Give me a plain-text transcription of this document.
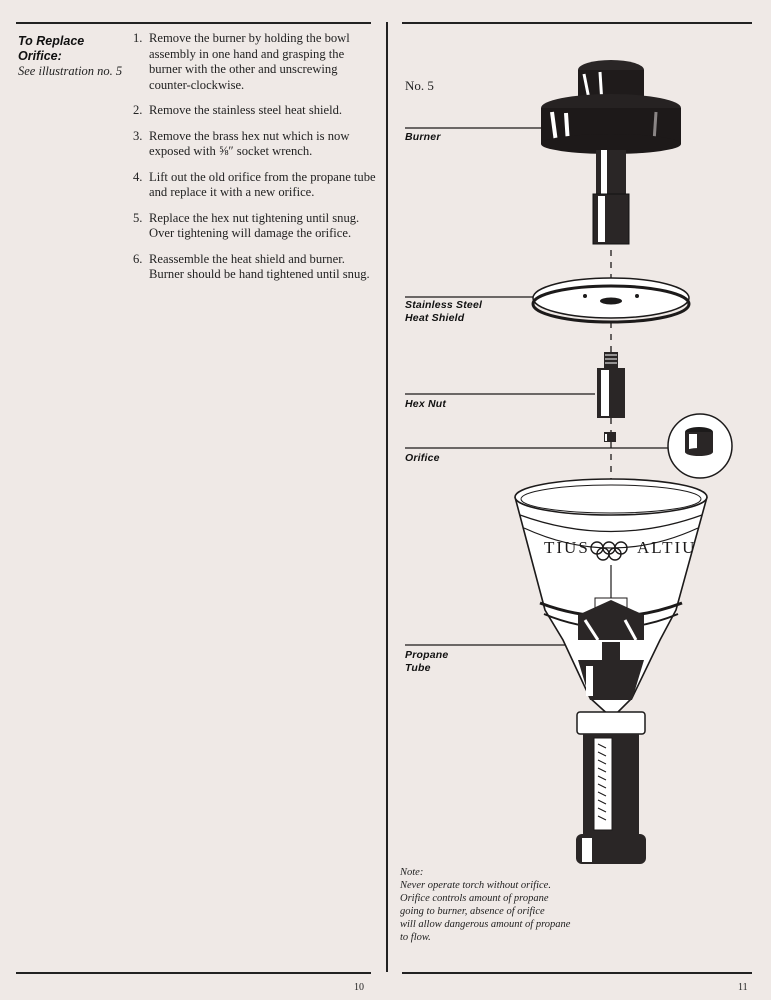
To Replace
Orifice:
See illustration no. 5
1. Remove the burner by holding the bowl assembly in one hand and grasping the burner with the other and unscrewing counter-clockwise.
2. Remove the stainless steel heat shield.
3. Remove the brass hex nut which is now exposed with ⅝″ socket wrench.
4. Lift out the old orifice from the propane tube and replace it with a new orifice.
5. Replace the hex nut tightening until snug. Over tightening will damage the orifice.
6. Reassemble the heat shield and burner. Burner should be hand tightened until snug.
10
TIUS	ALTIU
No. 5
Burner
Stainless Steel
Heat Shield
Hex Nut
Orifice
Propane
Tube
Note:
Never operate torch without orifice.
Orifice controls amount of propane
going to burner, absence of orifice
will allow dangerous amount of propane
to flow.
11
